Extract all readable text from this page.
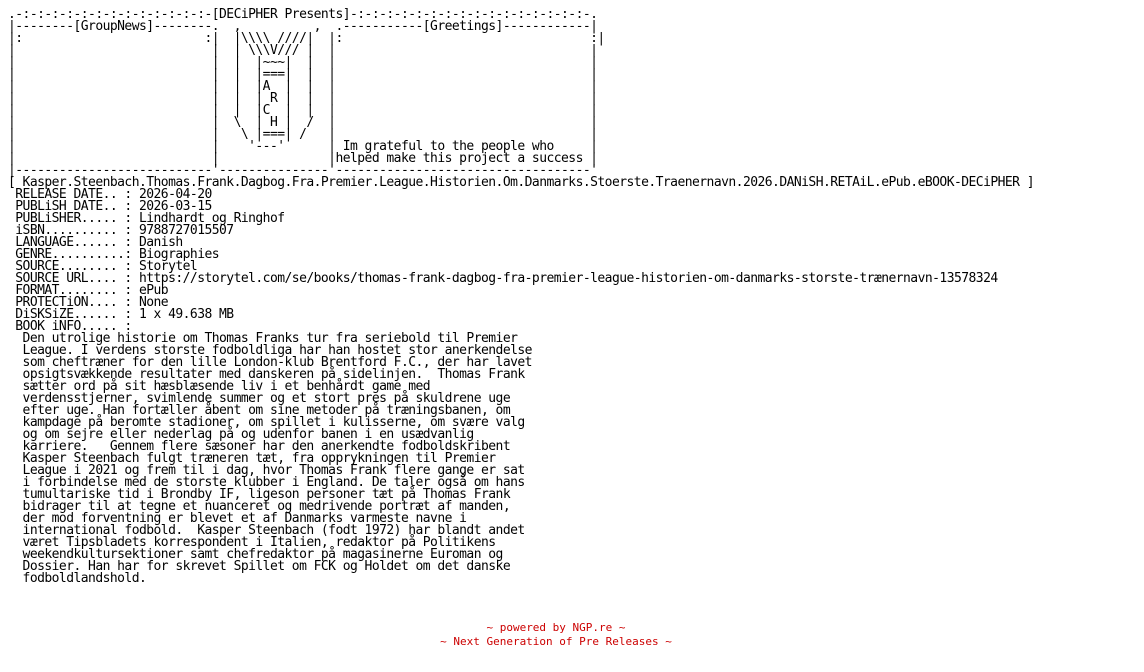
.-:-:-:-:-:-:-:-:-:-:-:-:-:-[DECiPHER Presents]-:-:-:-:-:-:-:-:-:-:-:-:-:-:-:-:-.
|--------[GroupNews]--------.  ,          ,  .-----------[Greetings]------------|
|:                         :|  |\\\\ ////|  |:                                  :|
|                           |  | \\\V/// |  |                                   |
|                           |  |  |~~~|  |  |                                   |
|                           |  |  |===|  |  |                                   |
|                           |  |  |A  |  |  |                                   |
|                           |  |  | R |  |  |                                   |
|                           |  |  |C  |  |  |                                   |
|                           |  \  | H |  /  |                                   |
|                           |   \ |===| /   |                                   |
|                           |    '---'      | Im grateful to the people who     |
|                           |               |helped make this project a success |
|---------------------------'---------------'-----------------------------------'
[ Kasper.Steenbach.Thomas.Frank.Dagbog.Fra.Premier.League.Historien.Om.Danmarks.Stoerste.Traenernavn.2026.DANiSH.RETAiL.ePub.eBOOK-DECiPHER ]
RELEASE DATE.. : 2026-04-20
PUBLiSH DATE.. : 2026-03-15
PUBLiSHER..... : Lindhardt og Ringhof
iSBN.......... : 9788727015507
LANGUAGE...... : Danish
GENRE..........: Biographies
SOURCE........ : Storytel
SOURCE URL.... : https://storytel.com/se/books/thomas-frank-dagbog-fra-premier-league-historien-om-danmarks-storste-trænernavn-13578324
FORMAT........ : ePub
PROTECTiON.... : None
DiSKSiZE...... : 1 x 49.638 MB
BOOK iNFO..... :
Den utrolige historie om Thomas Franks tur fra seriebold til Premier
League. I verdens storste fodboldliga har han hostet stor anerkendelse
som cheftræner for den lille London-klub Brentford F.C., der har lavet
opsigtsvækkende resultater med danskeren på sidelinjen.  Thomas Frank
sætter ord på sit hæsblæsende liv i et benhårdt game med
verdensstjerner, svimlende summer og et stort pres på skuldrene uge
efter uge. Han fortæller åbent om sine metoder på træningsbanen, om
kampdage på beromte stadioner, om spillet i kulisserne, om svære valg
og om sejre eller nederlag på og udenfor banen i en usædvanlig
karriere.   Gennem flere sæsoner har den anerkendte fodboldskribent
Kasper Steenbach fulgt træneren tæt, fra opprykningen til Premier
League i 2021 og frem til i dag, hvor Thomas Frank flere gange er sat
i forbindelse med de storste klubber i England. De taler også om hans
tumultariske tid i Brondby IF, ligeson personer tæt på Thomas Frank
bidrager til at tegne et nuanceret og medrivende portræt af manden,
der mod forventning er blevet et af Danmarks varmeste navne i
international fodbold.  Kasper Steenbach (fodt 1972) har blandt andet
været Tipsbladets korrespondent i Italien, redaktor på Politikens
weekendkultursektioner samt chefredaktor på magasinerne Euroman og
Dossier. Han har for skrevet Spillet om FCK og Holdet om det danske
fodboldlandshold.
~ powered by NGP.re ~
~ Next Generation of Pre Releases ~
